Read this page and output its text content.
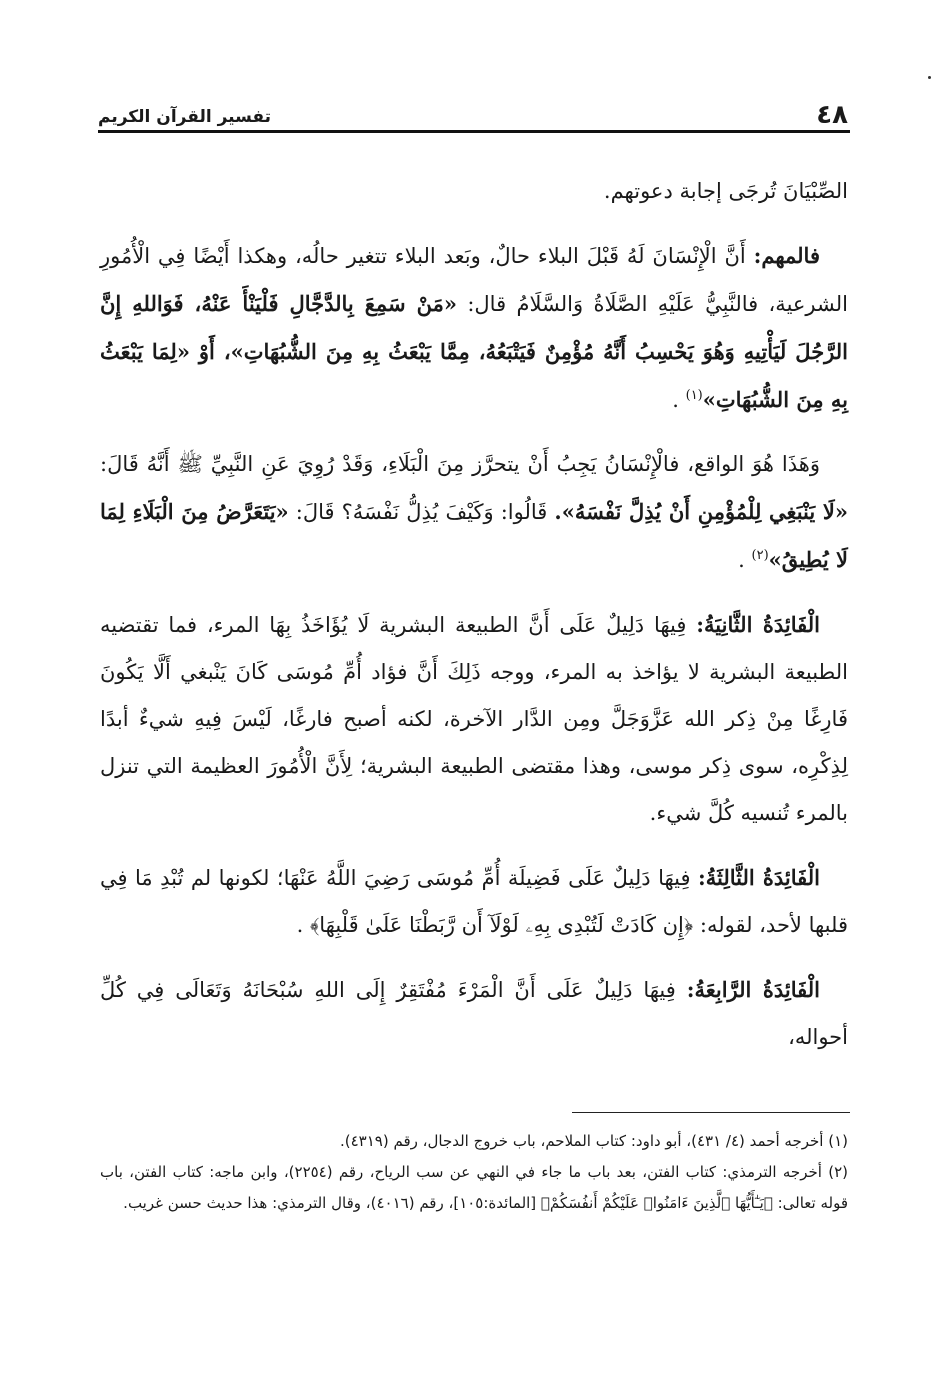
٤٨
تفسير القرآن الكريم

الصِّبْيَانَ تُرجَى إجابة دعوتهم.

فالمهم: أَنَّ الْإِنْسَانَ لَهُ قَبْلَ البلاء حالٌ، وبَعد البلاء تتغير حالُه، وهكذا أَيْضًا فِي الْأُمُورِ الشرعية، فالنَّبِيُّ عَلَيْهِ الصَّلَاةُ وَالسَّلَامُ قال: «مَنْ سَمِعَ بِالدَّجَّالِ فَلْيَنْأَ عَنْهُ، فَوَاللهِ إِنَّ الرَّجُلَ لَيَأْتِيهِ وَهُوَ يَحْسِبُ أَنَّهُ مُؤْمِنٌ فَيَتْبَعُهُ، مِمَّا يَبْعَثُ بِهِ مِنَ الشُّبُهَاتِ»، أَوْ «لِمَا يَبْعَثُ بِهِ مِنَ الشُّبُهَاتِ»$^{(١)}$ .

وَهَذَا هُوَ الواقع، فالْإِنْسَانُ يَجِبُ أَنْ يتحرَّز مِنَ الْبَلَاءِ، وَقَدْ رُوِيَ عَنِ النَّبِيِّ ﷺ أَنَّهُ قَالَ: «لَا يَنْبَغِي لِلْمُؤْمِنِ أَنْ يُذِلَّ نَفْسَهُ». قَالُوا: وَكَيْفَ يُذِلُّ نَفْسَهُ؟ قَالَ: «يَتَعَرَّضُ مِنَ الْبَلَاءِ لِمَا لَا يُطِيقُ»$^{(٢)}$ .

الْفَائِدَةُ الثَّانِيَةُ: فِيهَا دَلِيلٌ عَلَى أَنَّ الطبيعة البشرية لَا يُؤَاخَذُ بِهَا المرء، فما تقتضيه الطبيعة البشرية لا يؤاخذ به المرء، ووجه ذَلِكَ أَنَّ فؤاد أُمِّ مُوسَى كَانَ يَنْبغي أَلَّا يَكُونَ فَارِغًا مِنْ ذِكر الله عَزَّوَجَلَّ ومِن الدَّار الآخرة، لكنه أصبح فارغًا، لَيْسَ فِيهِ شيءٌ أبدًا لِذِكْرِه، سوى ذِكر موسى، وهذا مقتضى الطبيعة البشرية؛ لِأَنَّ الْأُمُورَ العظيمة التي تنزل بالمرء تُنسيه كُلَّ شيء.

الْفَائِدَةُ الثَّالِثَةُ: فِيهَا دَلِيلٌ عَلَى فَضِيلَة أُمِّ مُوسَى رَضِيَ اللَّهُ عَنْهَا؛ لكونها لم تُبْدِ مَا فِي قلبها لأحد، لقوله: ﴿إِن كَادَتْ لَتُبْدِى بِهِۦ لَوْلَآ أَن رَّبَطْنَا عَلَىٰ قَلْبِهَا﴾ .

الْفَائِدَةُ الرَّابِعَةُ: فِيهَا دَلِيلٌ عَلَى أَنَّ الْمَرْءَ مُفْتَقِرٌ إِلَى اللهِ سُبْحَانَهُ وَتَعَالَى فِي كُلِّ أحواله،

(١) أخرجه أحمد (٤/ ٤٣١)، أبو داود: كتاب الملاحم، باب خروج الدجال، رقم (٤٣١٩).

(٢) أخرجه الترمذي: كتاب الفتن، بعد باب ما جاء في النهي عن سب الرياح، رقم (٢٢٥٤)، وابن ماجه: كتاب الفتن، باب قوله تعالى: ﴿يَـٰٓأَيُّهَا ٱلَّذِينَ ءَامَنُوا۟ عَلَيْكُمْ أَنفُسَكُمْ﴾ [المائدة:١٠٥]، رقم (٤٠١٦)، وقال الترمذي: هذا حديث حسن غريب.
